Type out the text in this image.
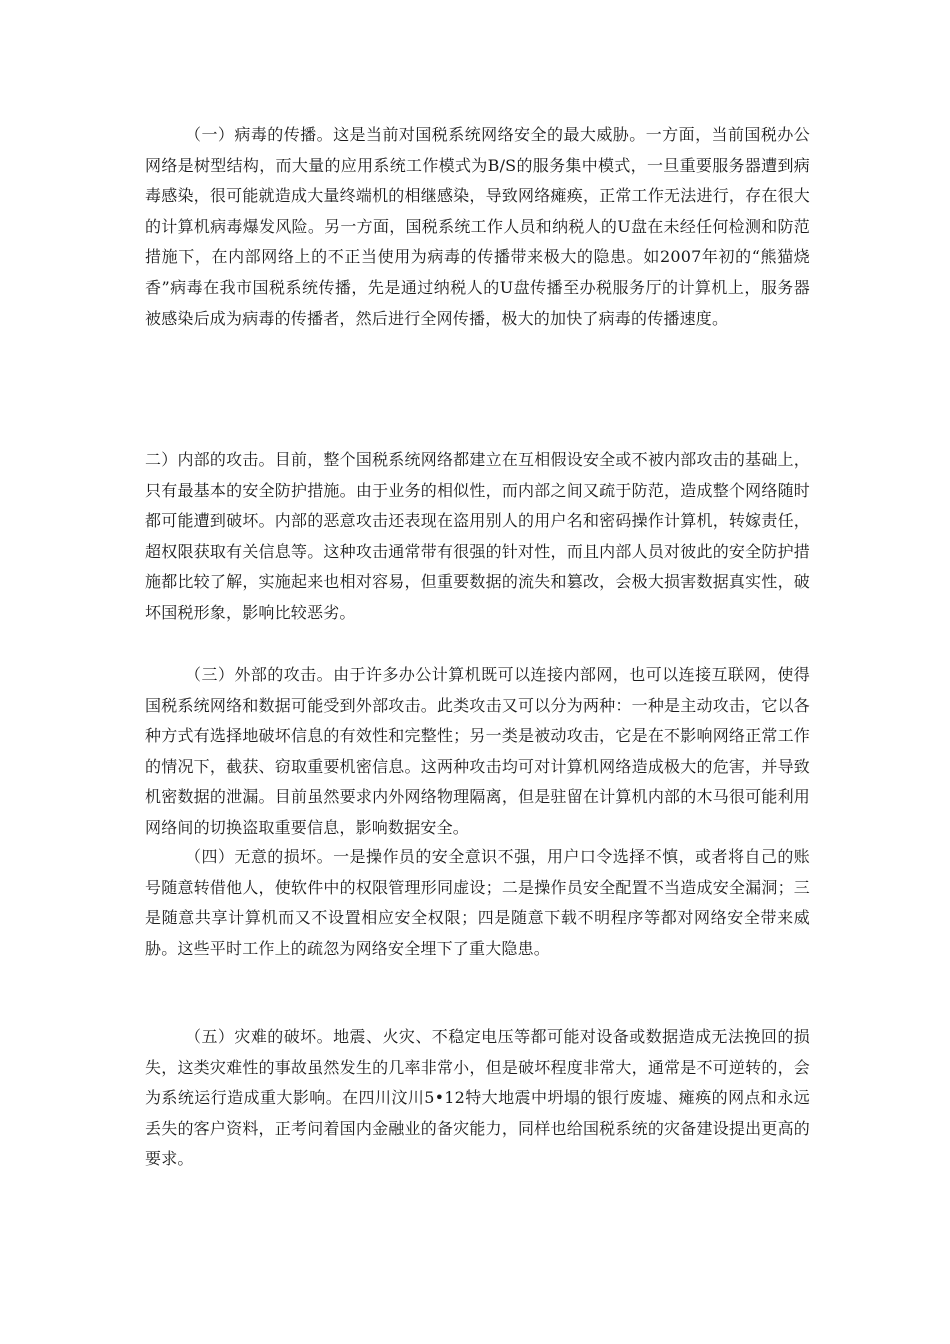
（一）病毒的传播。这是当前对国税系统网络安全的最大威胁。一方面，当前国税办公网络是树型结构，而大量的应用系统工作模式为B/S的服务集中模式，一旦重要服务器遭到病毒感染，很可能就造成大量终端机的相继感染，导致网络瘫痪，正常工作无法进行，存在很大的计算机病毒爆发风险。另一方面，国税系统工作人员和纳税人的U盘在未经任何检测和防范措施下，在内部网络上的不正当使用为病毒的传播带来极大的隐患。如2007年初的“熊猫烧香”病毒在我市国税系统传播，先是通过纳税人的U盘传播至办税服务厅的计算机上，服务器被感染后成为病毒的传播者，然后进行全网传播，极大的加快了病毒的传播速度。

二）内部的攻击。目前，整个国税系统网络都建立在互相假设安全或不被内部攻击的基础上，只有最基本的安全防护措施。由于业务的相似性，而内部之间又疏于防范，造成整个网络随时都可能遭到破坏。内部的恶意攻击还表现在盗用别人的用户名和密码操作计算机，转嫁责任，超权限获取有关信息等。这种攻击通常带有很强的针对性，而且内部人员对彼此的安全防护措施都比较了解，实施起来也相对容易，但重要数据的流失和篡改，会极大损害数据真实性，破坏国税形象，影响比较恶劣。

（三）外部的攻击。由于许多办公计算机既可以连接内部网，也可以连接互联网，使得国税系统网络和数据可能受到外部攻击。此类攻击又可以分为两种：一种是主动攻击，它以各种方式有选择地破坏信息的有效性和完整性；另一类是被动攻击，它是在不影响网络正常工作的情况下，截获、窃取重要机密信息。这两种攻击均可对计算机网络造成极大的危害，并导致机密数据的泄漏。目前虽然要求内外网络物理隔离，但是驻留在计算机内部的木马很可能利用网络间的切换盗取重要信息，影响数据安全。

（四）无意的损坏。一是操作员的安全意识不强，用户口令选择不慎，或者将自己的账号随意转借他人，使软件中的权限管理形同虚设；二是操作员安全配置不当造成安全漏洞；三是随意共享计算机而又不设置相应安全权限；四是随意下载不明程序等都对网络安全带来威胁。这些平时工作上的疏忽为网络安全埋下了重大隐患。

（五）灾难的破坏。地震、火灾、不稳定电压等都可能对设备或数据造成无法挽回的损失，这类灾难性的事故虽然发生的几率非常小，但是破坏程度非常大，通常是不可逆转的，会为系统运行造成重大影响。在四川汶川5•12特大地震中坍塌的银行废墟、瘫痪的网点和永远丢失的客户资料，正考问着国内金融业的备灾能力，同样也给国税系统的灾备建设提出更高的要求。
